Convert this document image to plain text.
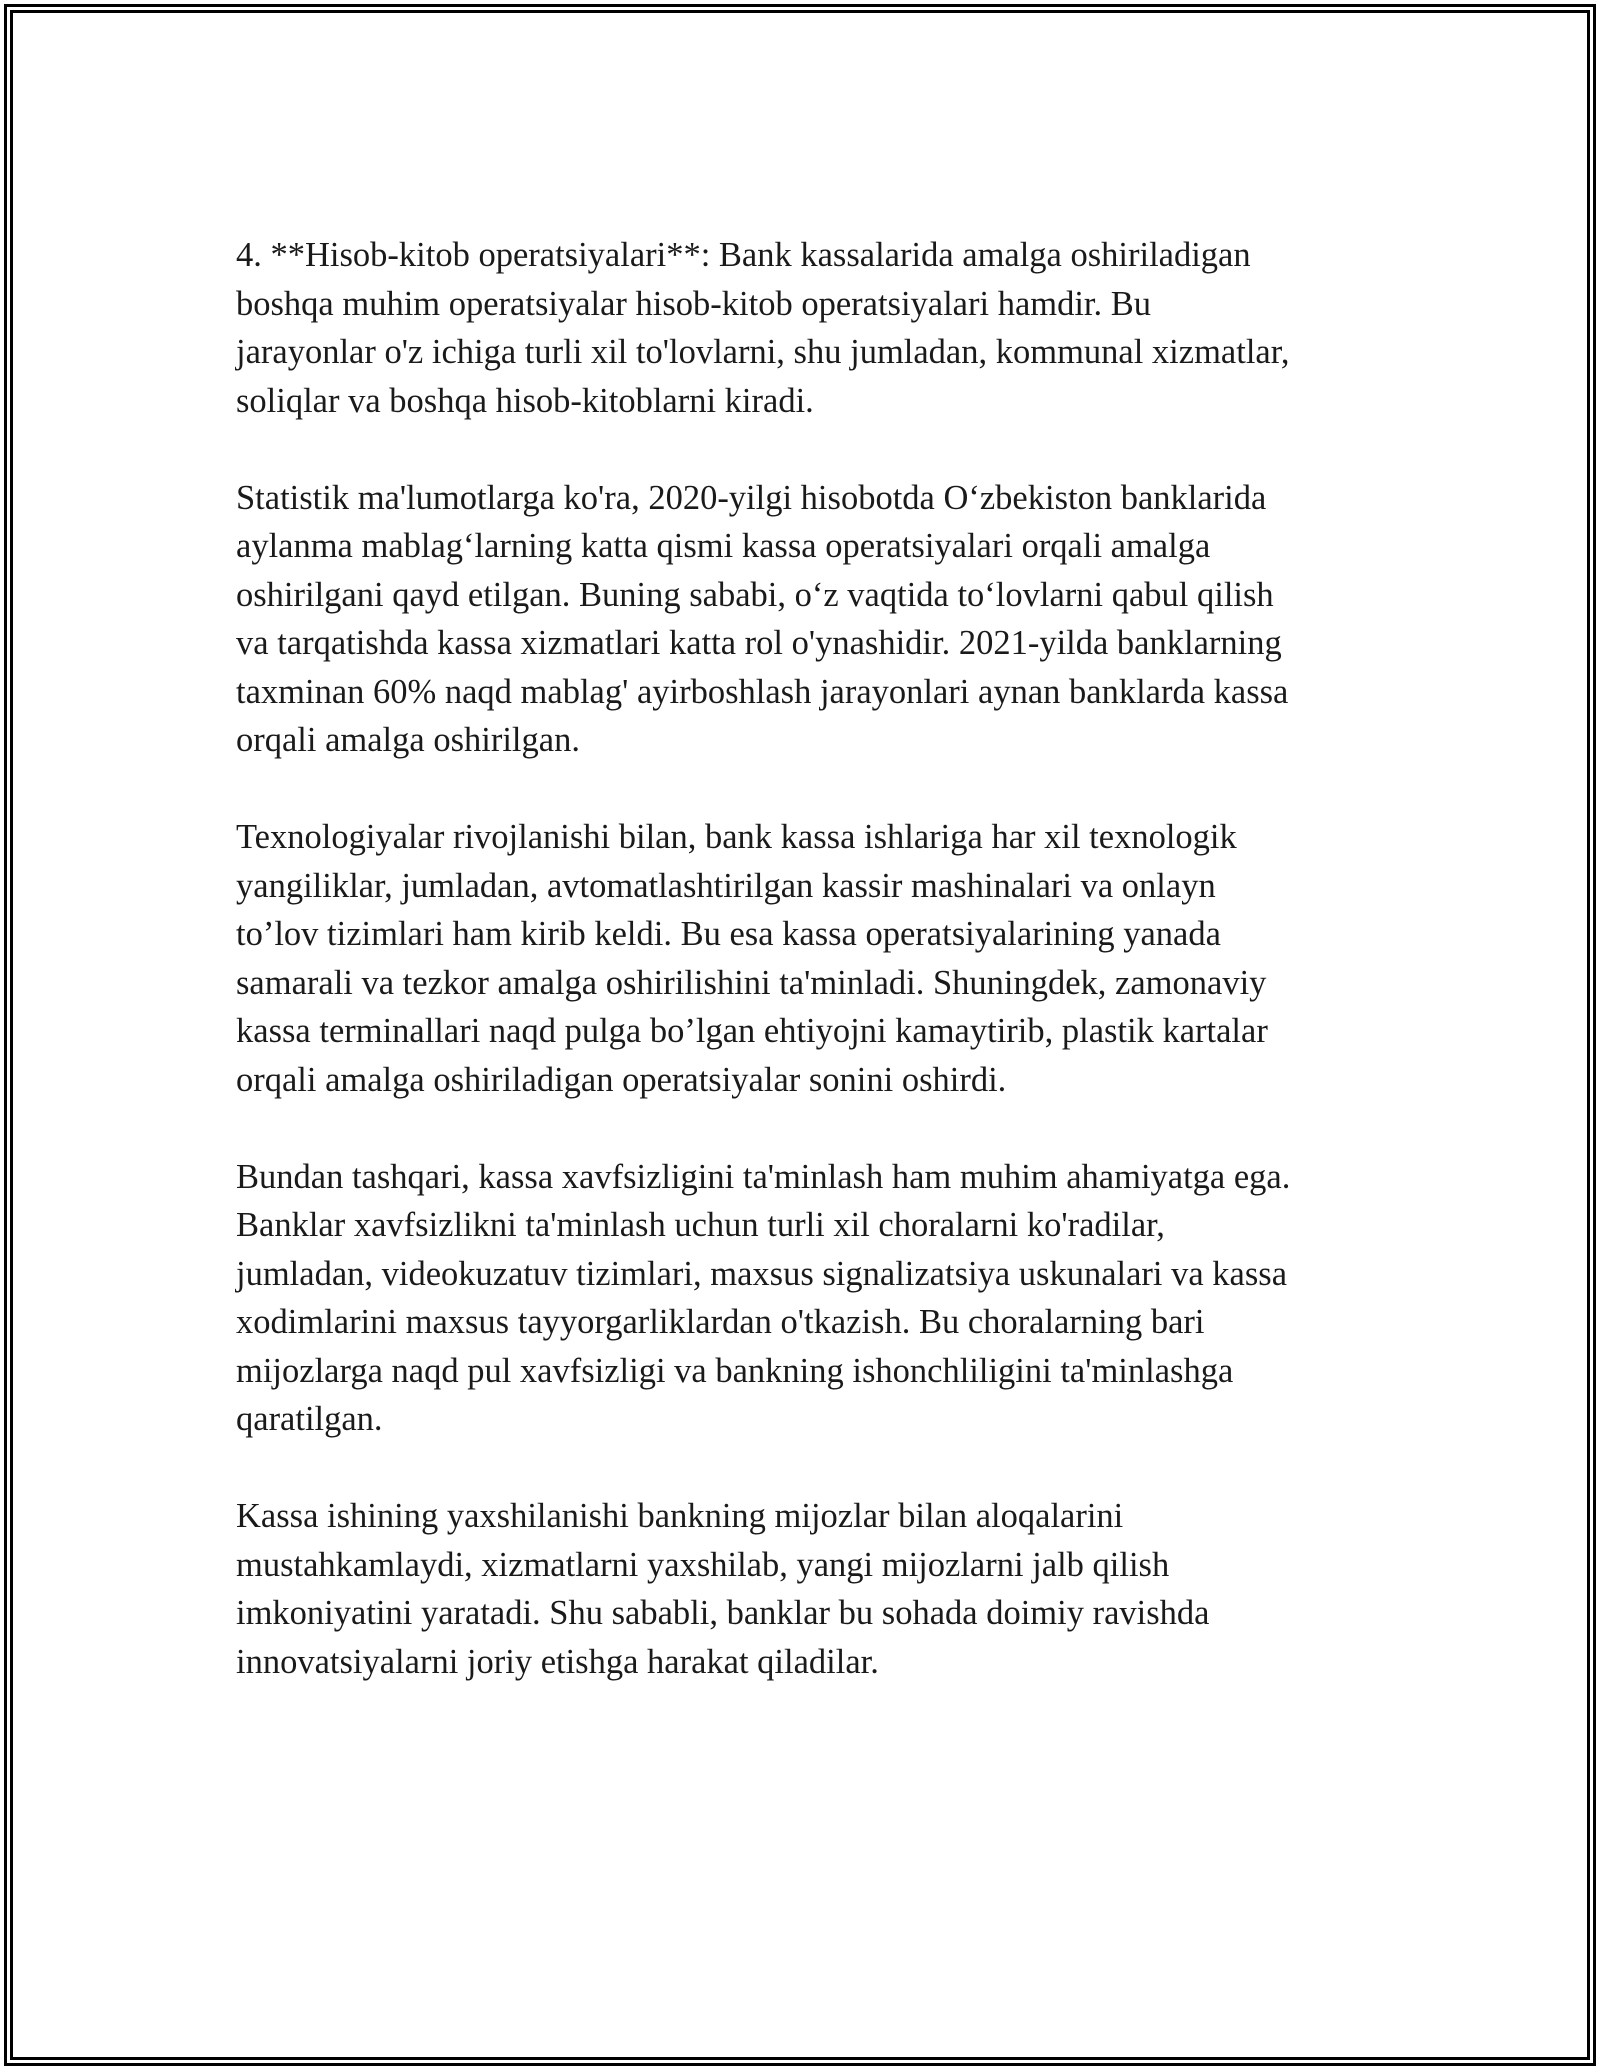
4. **Hisob-kitob operatsiyalari**: Bank kassalarida amalga oshiriladigan
boshqa muhim operatsiyalar hisob-kitob operatsiyalari hamdir. Bu
jarayonlar o'z ichiga turli xil to'lovlarni, shu jumladan, kommunal xizmatlar,
soliqlar va boshqa hisob-kitoblarni kiradi.

Statistik ma'lumotlarga ko'ra, 2020-yilgi hisobotda Oʻzbekiston banklarida
aylanma mablagʻlarning katta qismi kassa operatsiyalari orqali amalga
oshirilgani qayd etilgan. Buning sababi, oʻz vaqtida toʻlovlarni qabul qilish
va tarqatishda kassa xizmatlari katta rol o'ynashidir. 2021-yilda banklarning
taxminan 60% naqd mablag' ayirboshlash jarayonlari aynan banklarda kassa
orqali amalga oshirilgan.

Texnologiyalar rivojlanishi bilan, bank kassa ishlariga har xil texnologik
yangiliklar, jumladan, avtomatlashtirilgan kassir mashinalari va onlayn
to’lov tizimlari ham kirib keldi. Bu esa kassa operatsiyalarining yanada
samarali va tezkor amalga oshirilishini ta'minladi. Shuningdek, zamonaviy
kassa terminallari naqd pulga bo’lgan ehtiyojni kamaytirib, plastik kartalar
orqali amalga oshiriladigan operatsiyalar sonini oshirdi.

Bundan tashqari, kassa xavfsizligini ta'minlash ham muhim ahamiyatga ega.
Banklar xavfsizlikni ta'minlash uchun turli xil choralarni ko'radilar,
jumladan, videokuzatuv tizimlari, maxsus signalizatsiya uskunalari va kassa
xodimlarini maxsus tayyorgarliklardan o'tkazish. Bu choralarning bari
mijozlarga naqd pul xavfsizligi va bankning ishonchliligini ta'minlashga
qaratilgan.

Kassa ishining yaxshilanishi bankning mijozlar bilan aloqalarini
mustahkamlaydi, xizmatlarni yaxshilab, yangi mijozlarni jalb qilish
imkoniyatini yaratadi. Shu sababli, banklar bu sohada doimiy ravishda
innovatsiyalarni joriy etishga harakat qiladilar.
